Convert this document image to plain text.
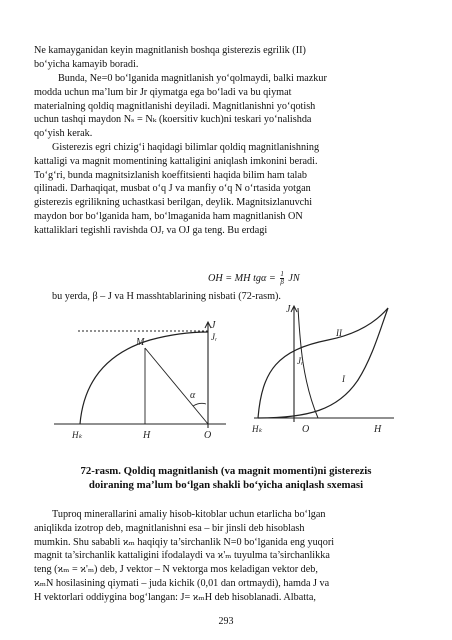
Ne kamayganidan keyin magnitlanish boshqa gisterezis egrilik (II)
bo‘yicha kamayib boradi.
Bunda, Ne=0 bo‘lganida magnitlanish yo‘qolmaydi, balki mazkur
modda uchun ma’lum bir Jr qiymatga ega bo‘ladi va bu qiymat
materialning qoldiq magnitlanishi deyiladi. Magnitlanishni yo‘qotish
uchun tashqi maydon Nₛ = Nₖ (koersitiv kuch)ni teskari yo‘nalishda
qo‘yish kerak.
Gisterezis egri chizig‘i haqidagi bilimlar qoldiq magnitlanishning
kattaligi va magnit momentining kattaligini aniqlash imkonini beradi.
To‘g‘ri, bunda magnitsizlanish koeffitsienti haqida bilim ham talab
qilinadi. Darhaqiqat, musbat o‘q J va manfiy o‘q N o‘rtasida yotgan
gisterezis egrilikning uchastkasi berilgan, deylik. Magnitsizlanuvchi
maydon bor bo‘lganida ham, bo‘lmaganida ham magnitlanish ON
kattaliklari tegishli ravishda OJᵣ va OJ ga teng. Bu erdagi
OH = MH $tg\alpha = \frac{1}{\beta}$ JN
bu yerda, β – J va H masshtablarining nisbati (72-rasm).
J
Jᵣ
M
α
Hₖ	H	O
J
II
I
Jᵣ
Hₖ	O	H
72-rasm. Qoldiq magnitlanish (va magnit momenti)ni gisterezis
doiraning ma’lum bo‘lgan shakli bo‘yicha aniqlash sxemasi
Tuproq minerallarini amaliy hisob-kitoblar uchun etarlicha bo‘lgan
aniqlikda izotrop deb, magnitlanishni esa – bir jinsli deb hisoblash
mumkin. Shu sababli ϰₘ haqiqiy ta’sirchanlik N=0 bo‘lganida eng yuqori
magnit ta’sirchanlik kattaligini ifodalaydi va ϰ'ₘ tuyulma ta’sirchanlikka
teng (ϰₘ = ϰ'ₘ) deb, J vektor – N vektorga mos keladigan vektor deb,
ϰₘN hosilasining qiymati – juda kichik (0,01 dan ortmaydi), hamda J va
H vektorlari oddiygina bog‘langan: J= ϰₘH deb hisoblanadi. Albatta,
293
